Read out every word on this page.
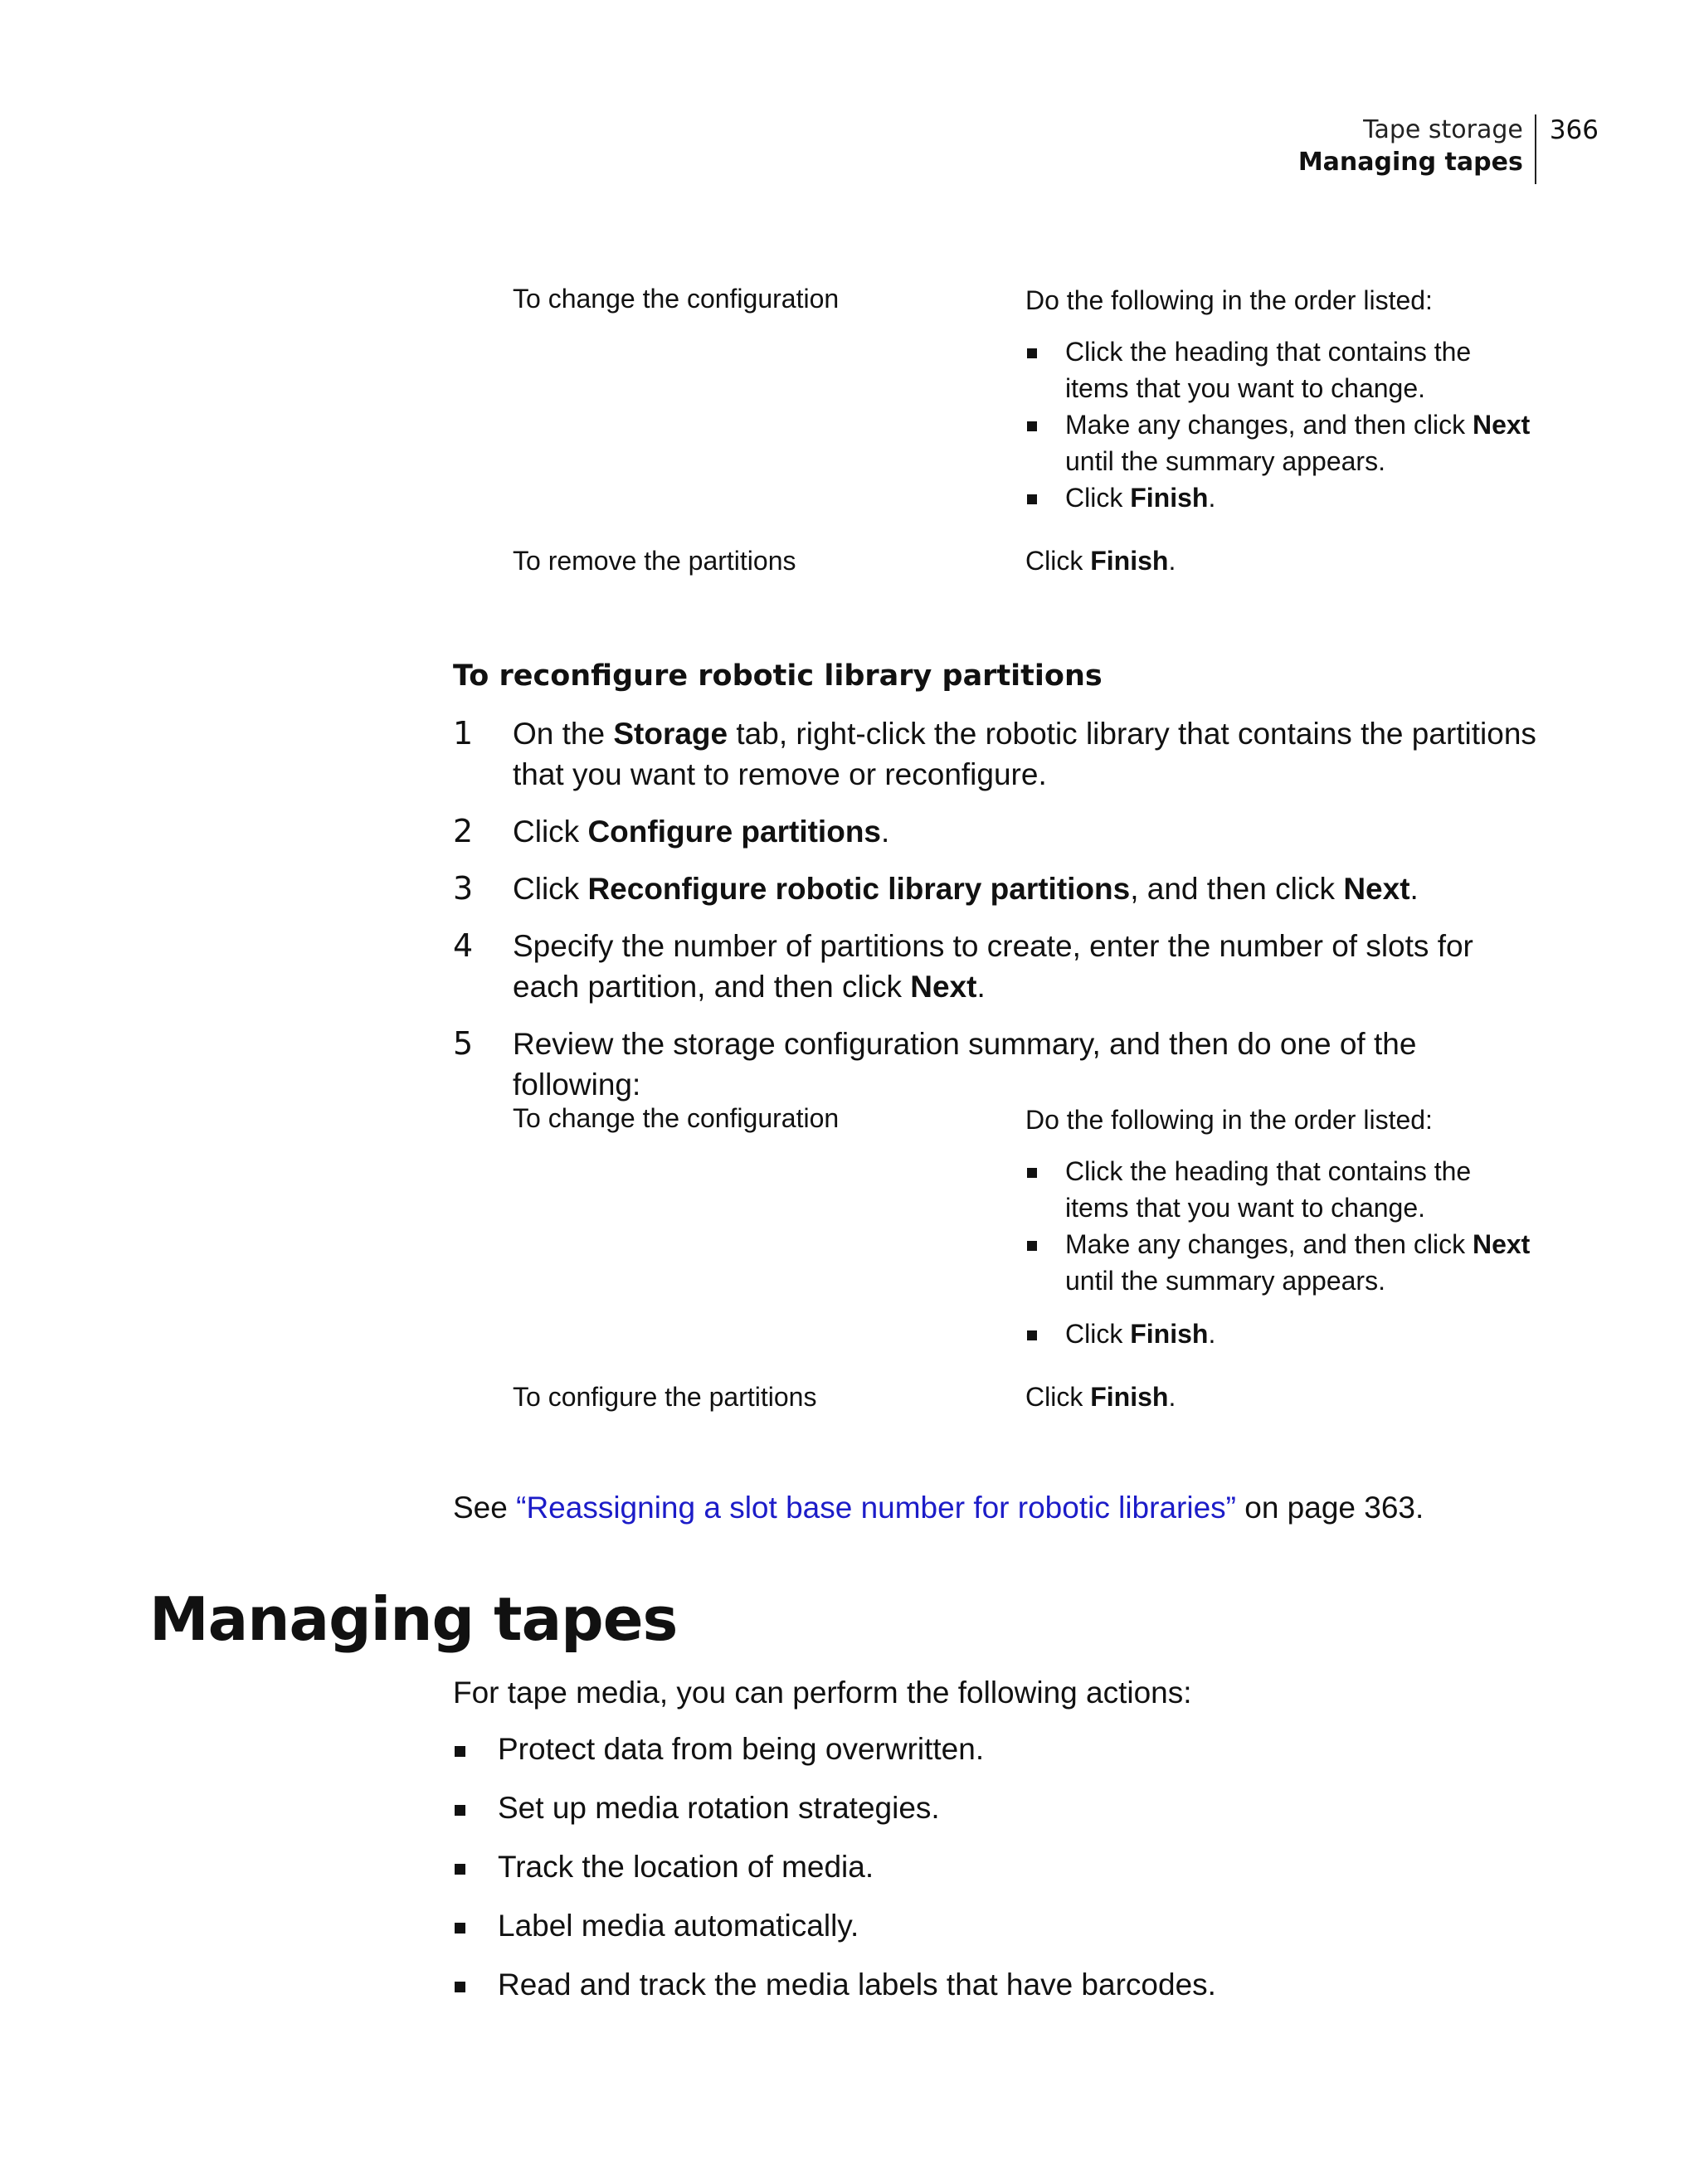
Tape storage
Managing tapes
366
To change the configuration	Do the following in the order listed:
Click the heading that contains the items that you want to change.
Make any changes, and then click Next until the summary appears.
Click Finish.
To remove the partitions	Click Finish.
To reconfigure robotic library partitions
1 On the Storage tab, right-click the robotic library that contains the partitions that you want to remove or reconfigure.
2 Click Configure partitions.
3 Click Reconfigure robotic library partitions, and then click Next.
4 Specify the number of partitions to create, enter the number of slots for each partition, and then click Next.
5 Review the storage configuration summary, and then do one of the following:
To change the configuration	Do the following in the order listed:
Click the heading that contains the items that you want to change.
Make any changes, and then click Next until the summary appears.
Click Finish.
To configure the partitions	Click Finish.
See “Reassigning a slot base number for robotic libraries” on page 363.
Managing tapes
For tape media, you can perform the following actions:
Protect data from being overwritten.
Set up media rotation strategies.
Track the location of media.
Label media automatically.
Read and track the media labels that have barcodes.
